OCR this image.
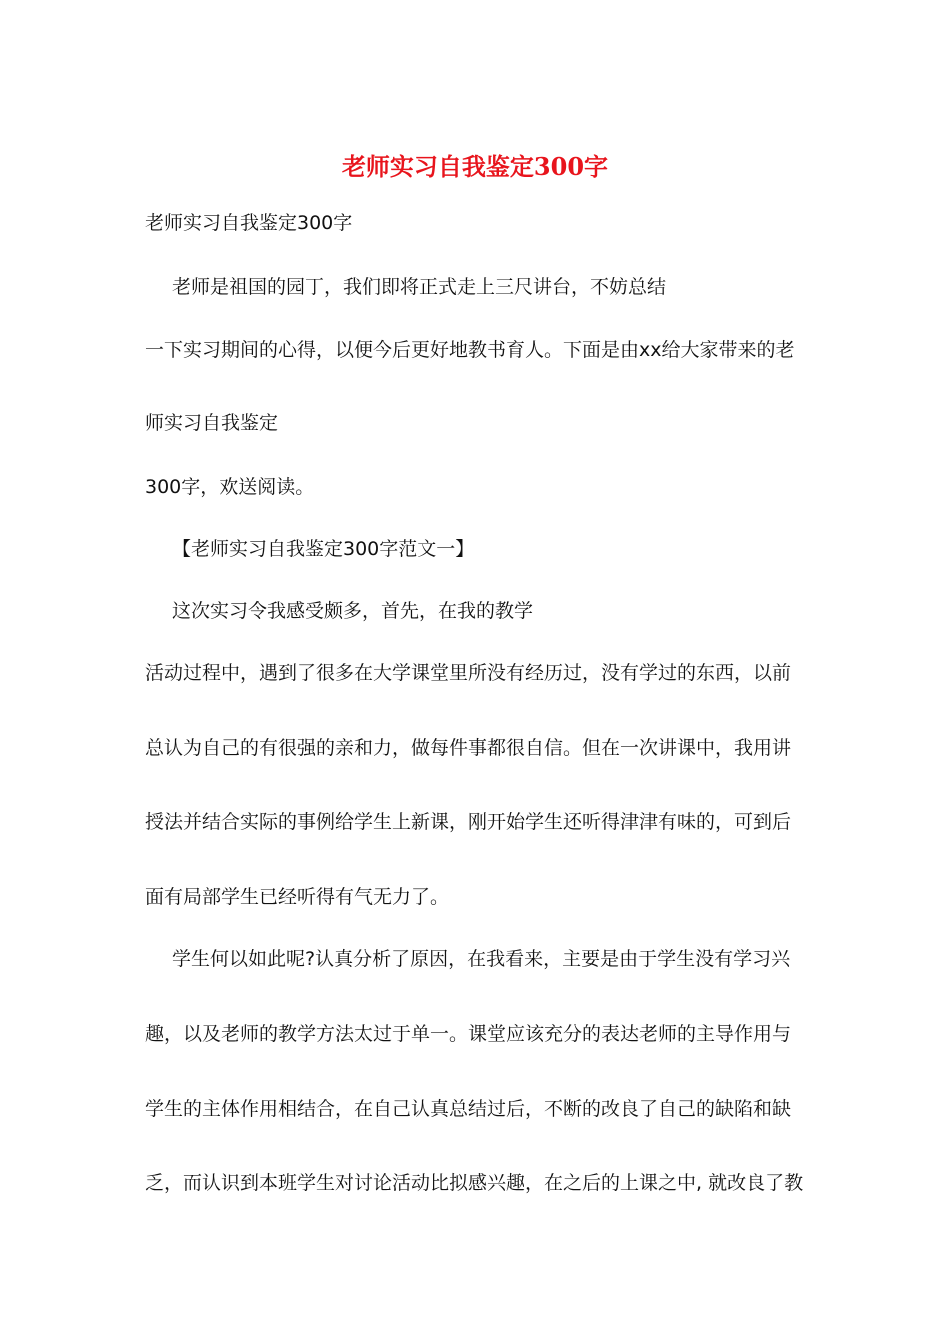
老师实习自我鉴定300字
老师实习自我鉴定300字
老师是祖国的园丁，我们即将正式走上三尺讲台，不妨总结
一下实习期间的心得，以便今后更好地教书育人。下面是由xx给大家带来的老
师实习自我鉴定
300字，欢送阅读。
【老师实习自我鉴定300字范文一】
这次实习令我感受颇多，首先，在我的教学
活动过程中，遇到了很多在大学课堂里所没有经历过，没有学过的东西，以前
总认为自己的有很强的亲和力，做每件事都很自信。但在一次讲课中，我用讲
授法并结合实际的事例给学生上新课，刚开始学生还听得津津有味的，可到后
面有局部学生已经听得有气无力了。
学生何以如此呢?认真分析了原因，在我看来，主要是由于学生没有学习兴
趣，以及老师的教学方法太过于单一。课堂应该充分的表达老师的主导作用与
学生的主体作用相结合，在自己认真总结过后，不断的改良了自己的缺陷和缺
乏，而认识到本班学生对讨论活动比拟感兴趣，在之后的上课之中, 就改良了教
